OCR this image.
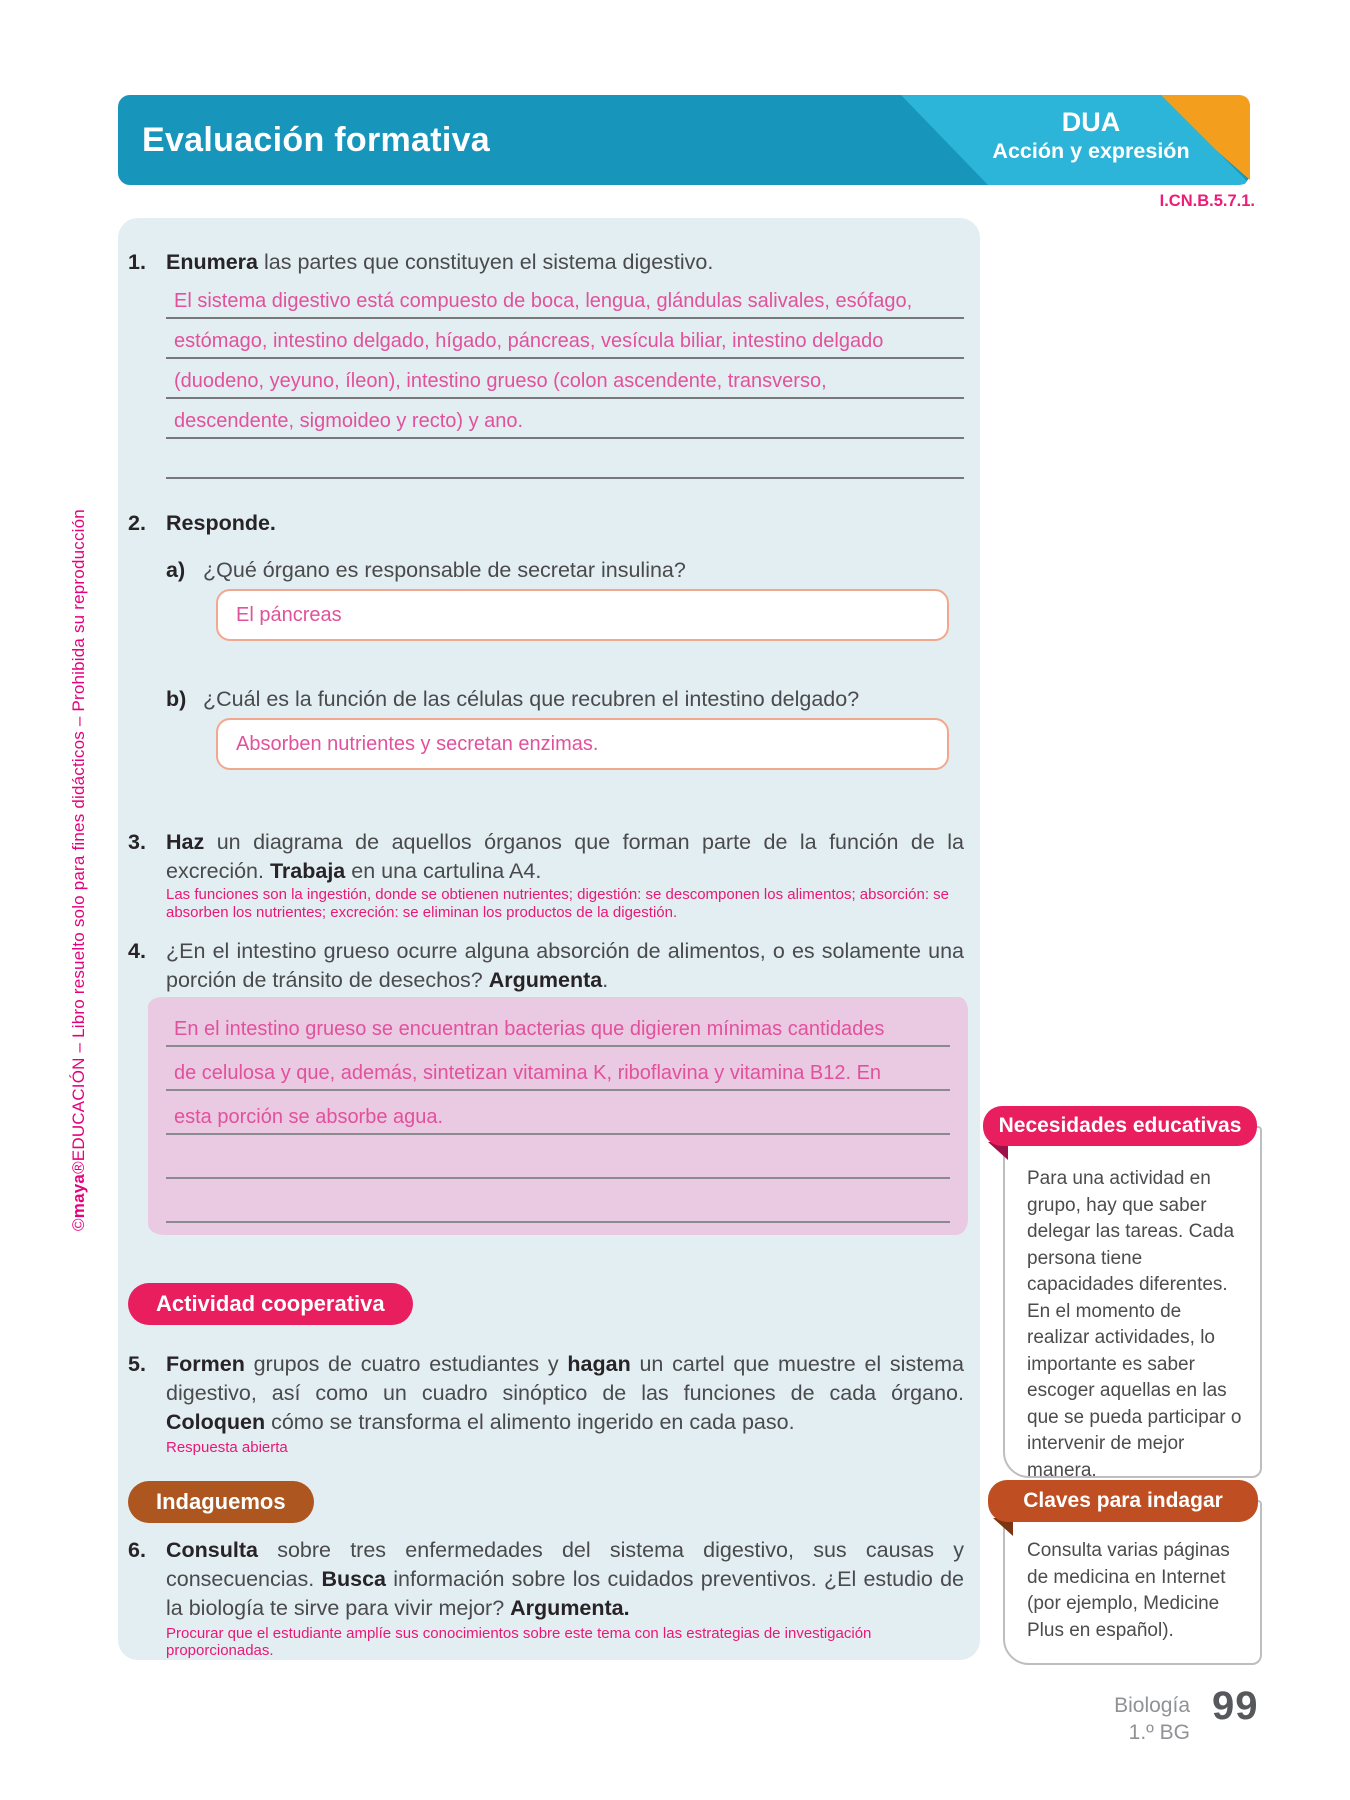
©maya®EDUCACIÓN – Libro resuelto solo para fines didácticos – Prohibida su reproducción
Evaluación formativa	DUA
Acción y expresión
I.CN.B.5.7.1.
1. Enumera las partes que constituyen el sistema digestivo.
El sistema digestivo está compuesto de boca, lengua, glándulas salivales, esófago,
estómago, intestino delgado, hígado, páncreas, vesícula biliar, intestino delgado
(duodeno, yeyuno, íleon), intestino grueso (colon ascendente, transverso,
descendente, sigmoideo y recto) y ano.
2. Responde.
a) ¿Qué órgano es responsable de secretar insulina?
El páncreas
b) ¿Cuál es la función de las células que recubren el intestino delgado?
Absorben nutrientes y secretan enzimas.
3. Haz un diagrama de aquellos órganos que forman parte de la función de la excreción. Trabaja en una cartulina A4.
Las funciones son la ingestión, donde se obtienen nutrientes; digestión: se descomponen los alimentos; absorción: se absorben los nutrientes; excreción: se eliminan los productos de la digestión.
4. ¿En el intestino grueso ocurre alguna absorción de alimentos, o es solamente una porción de tránsito de desechos? Argumenta.
En el intestino grueso se encuentran bacterias que digieren mínimas cantidades
de celulosa y que, además, sintetizan vitamina K, riboflavina y vitamina B12. En
esta porción se absorbe agua.
Actividad cooperativa
5. Formen grupos de cuatro estudiantes y hagan un cartel que muestre el sistema digestivo, así como un cuadro sinóptico de las funciones de cada órgano. Coloquen cómo se transforma el alimento ingerido en cada paso.
Respuesta abierta
Indaguemos
6. Consulta sobre tres enfermedades del sistema digestivo, sus causas y consecuencias. Busca información sobre los cuidados preventivos. ¿El estudio de la biología te sirve para vivir mejor? Argumenta.
Procurar que el estudiante amplíe sus conocimientos sobre este tema con las estrategias de investigación proporcionadas.
Para una actividad en grupo, hay que saber delegar las tareas. Cada persona tiene capacidades diferentes. En el momento de realizar actividades, lo importante es saber escoger aquellas en las que se pueda participar o intervenir de mejor manera.
Necesidades educativas
Consulta varias páginas de medicina en Internet (por ejemplo, Medicine Plus en español).
Claves para indagar
Biología
1.º BG
99
